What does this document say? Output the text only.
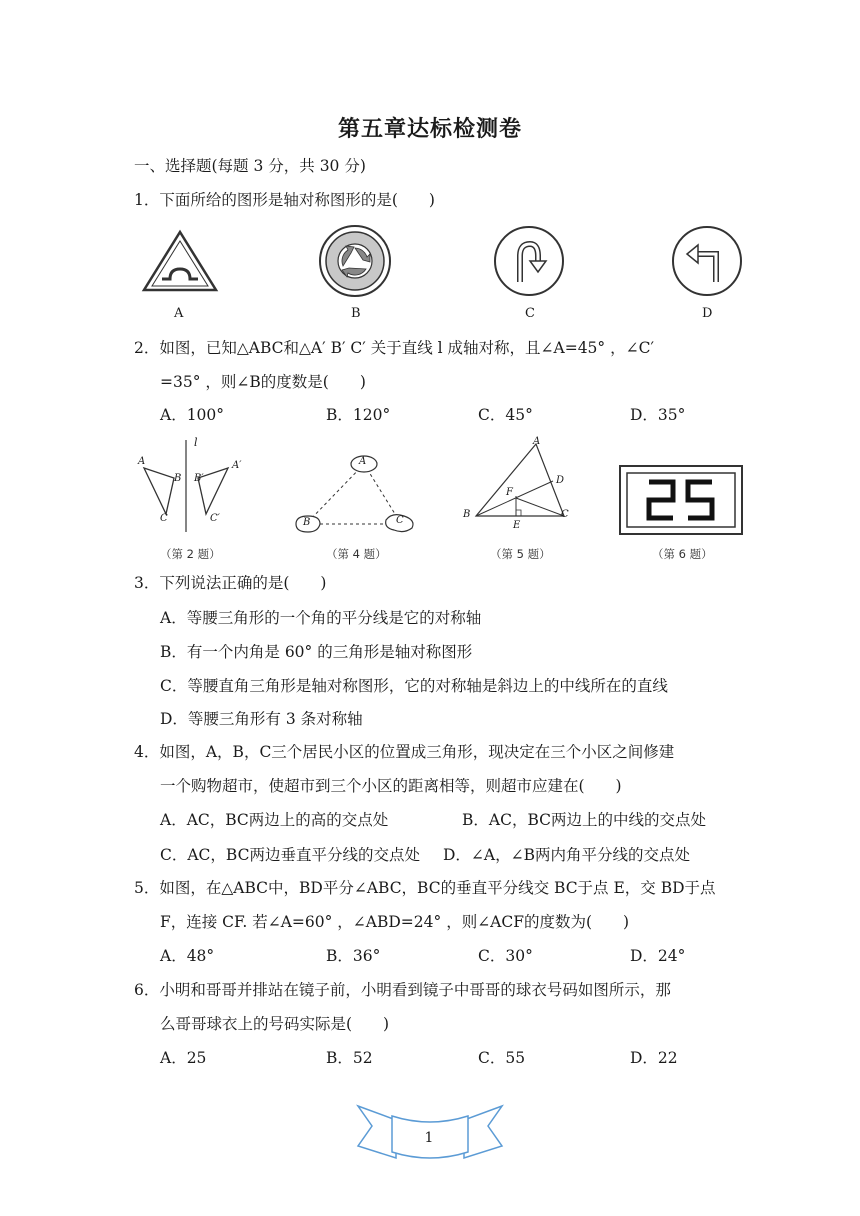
第五章达标检测卷
一、选择题(每题 3 分，共 30 分)
1．下面所给的图形是轴对称图形的是(　　)
A	B	C	D
2．如图，已知△ABC和△A′ B′ C′ 关于直线 l 成轴对称，且∠A=45° ，∠C′
=35° ，则∠B的度数是(　　)
A．100°	B．120°	C．45°	D．35°
l
A
B
C
A′
B′
C′
（第 2 题）
A
B	C
（第 4 题）
A
B	C
D
E
F
（第 5 题）	（第 6 题）
3．下列说法正确的是(　　)
A．等腰三角形的一个角的平分线是它的对称轴
B．有一个内角是 60° 的三角形是轴对称图形
C．等腰直角三角形是轴对称图形，它的对称轴是斜边上的中线所在的直线
D．等腰三角形有 3 条对称轴
4．如图，A，B，C三个居民小区的位置成三角形，现决定在三个小区之间修建
一个购物超市，使超市到三个小区的距离相等，则超市应建在(　　)
A．AC，BC两边上的高的交点处	B．AC，BC两边上的中线的交点处
C．AC，BC两边垂直平分线的交点处 D．∠A，∠B两内角平分线的交点处
5．如图，在△ABC中，BD平分∠ABC，BC的垂直平分线交 BC于点 E，交 BD于点
F，连接 CF. 若∠A=60° ，∠ABD=24° ，则∠ACF的度数为(　　)
A．48°	B．36°	C．30°	D．24°
6．小明和哥哥并排站在镜子前，小明看到镜子中哥哥的球衣号码如图所示，那
么哥哥球衣上的号码实际是(　　)
A．25	B．52	C．55	D．22
1
